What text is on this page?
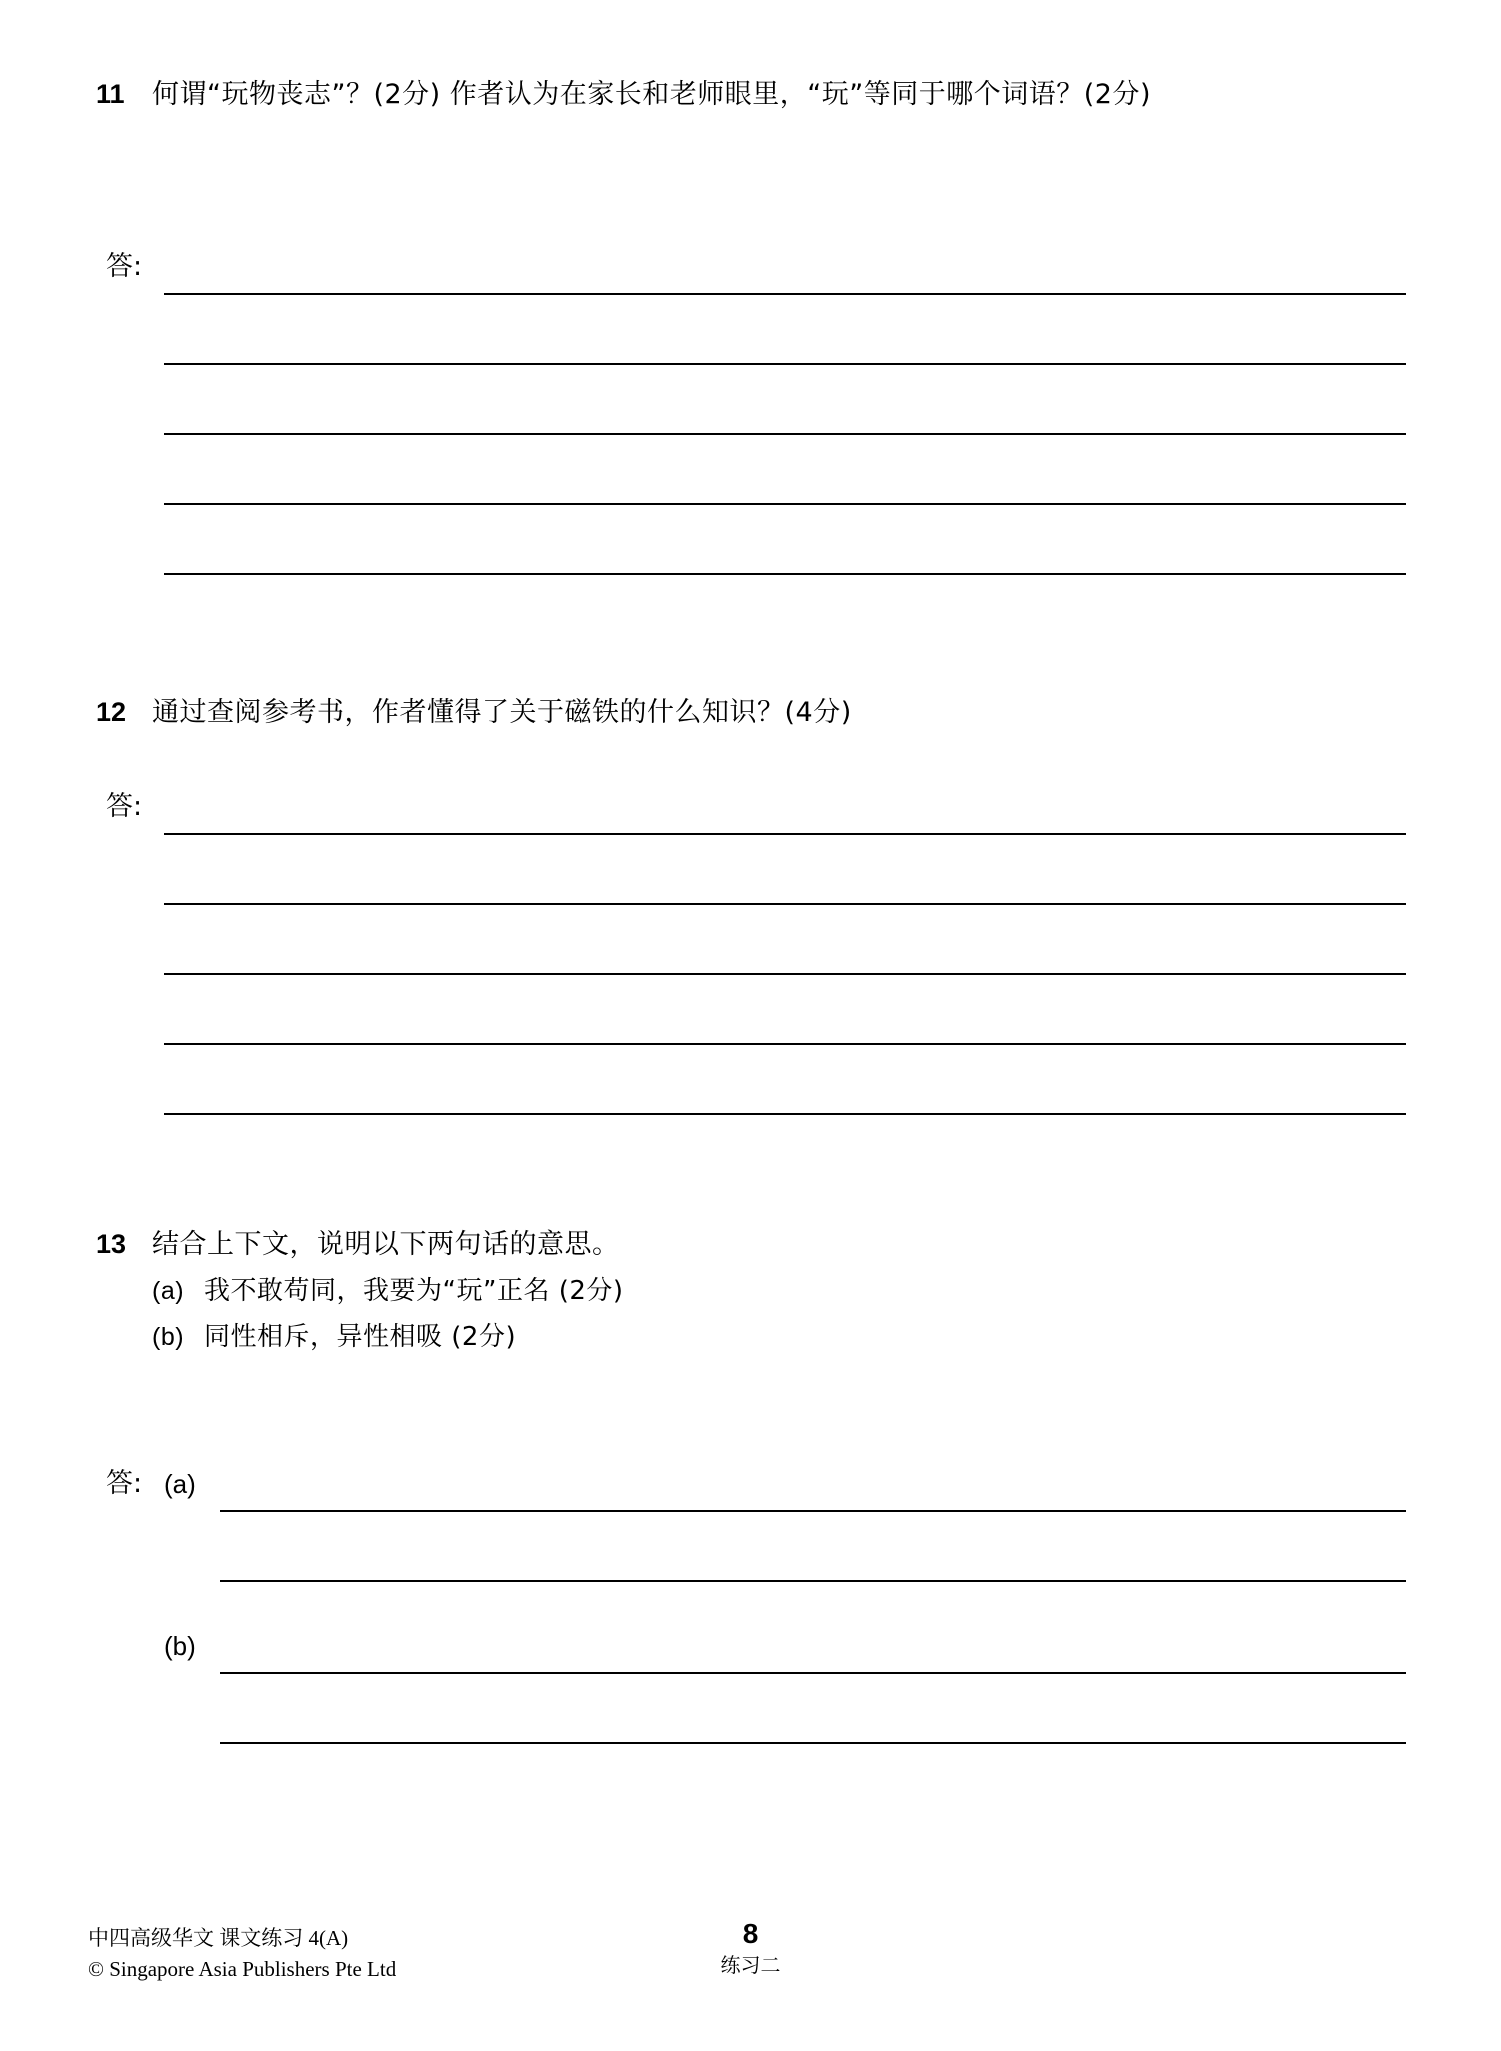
11	何谓“玩物丧志”？(2分) 作者认为在家长和老师眼里，“玩”等同于哪个词语？(2分)
答:
12 通过查阅参考书，作者懂得了关于磁铁的什么知识？(4分)
答:
13 结合上下文，说明以下两句话的意思。
(a) 我不敢苟同，我要为“玩”正名 (2分)
(b) 同性相斥，异性相吸 (2分)
答: (a)
(b)
中四高级华文 课文练习 4(A)
© Singapore Asia Publishers Pte Ltd
8
练习二
